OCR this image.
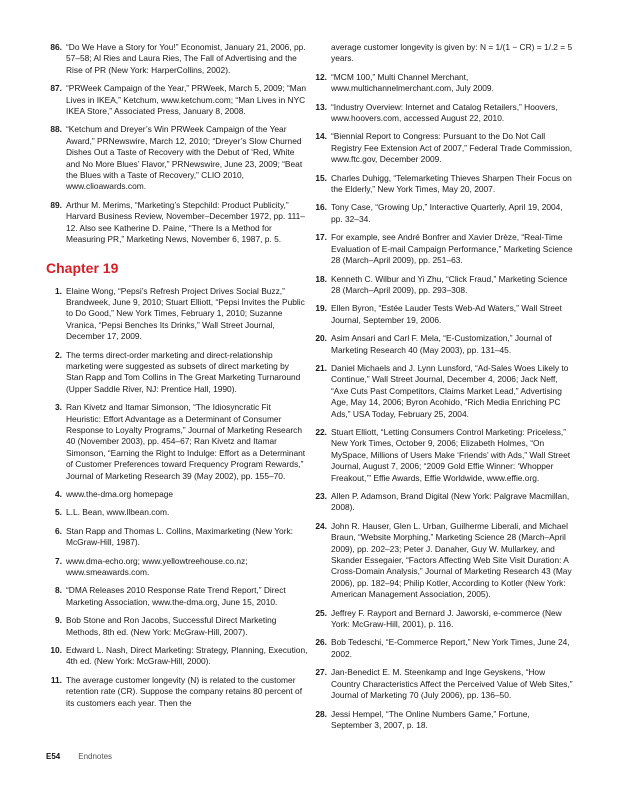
86. “Do We Have a Story for You!” Economist, January 21, 2006, pp. 57–58; Al Ries and Laura Ries, The Fall of Advertising and the Rise of PR (New York: HarperCollins, 2002).
87. “PRWeek Campaign of the Year,” PRWeek, March 5, 2009; “Man Lives in IKEA,” Ketchum, www.ketchum.com; “Man Lives in NYC IKEA Store,” Associated Press, January 8, 2008.
88. “Ketchum and Dreyer’s Win PRWeek Campaign of the Year Award,” PRNewswire, March 12, 2010; “Dreyer’s Slow Churned Dishes Out a Taste of Recovery with the Debut of ‘Red, White and No More Blues’ Flavor,” PRNewswire, June 23, 2009; “Beat the Blues with a Taste of Recovery,” CLIO 2010, www.clioawards.com.
89. Arthur M. Merims, “Marketing’s Stepchild: Product Publicity,” Harvard Business Review, November–December 1972, pp. 111–12. Also see Katherine D. Paine, “There Is a Method for Measuring PR,” Marketing News, November 6, 1987, p. 5.
Chapter 19
1. Elaine Wong, “Pepsi’s Refresh Project Drives Social Buzz,” Brandweek, June 9, 2010; Stuart Elliott, “Pepsi Invites the Public to Do Good,” New York Times, February 1, 2010; Suzanne Vranica, “Pepsi Benches Its Drinks,” Wall Street Journal, December 17, 2009.
2. The terms direct-order marketing and direct-relationship marketing were suggested as subsets of direct marketing by Stan Rapp and Tom Collins in The Great Marketing Turnaround (Upper Saddle River, NJ: Prentice Hall, 1990).
3. Ran Kivetz and Itamar Simonson, “The Idiosyncratic Fit Heuristic: Effort Advantage as a Determinant of Consumer Response to Loyalty Programs,” Journal of Marketing Research 40 (November 2003), pp. 454–67; Ran Kivetz and Itamar Simonson, “Earning the Right to Indulge: Effort as a Determinant of Customer Preferences toward Frequency Program Rewards,” Journal of Marketing Research 39 (May 2002), pp. 155–70.
4. www.the-dma.org homepage
5. L.L. Bean, www.llbean.com.
6. Stan Rapp and Thomas L. Collins, Maximarketing (New York: McGraw-Hill, 1987).
7. www.dma-echo.org; www.yellowtreehouse.co.nz; www.smeawards.com.
8. “DMA Releases 2010 Response Rate Trend Report,” Direct Marketing Association, www.the-dma.org, June 15, 2010.
9. Bob Stone and Ron Jacobs, Successful Direct Marketing Methods, 8th ed. (New York: McGraw-Hill, 2007).
10. Edward L. Nash, Direct Marketing: Strategy, Planning, Execution, 4th ed. (New York: McGraw-Hill, 2000).
11. The average customer longevity (N) is related to the customer retention rate (CR). Suppose the company retains 80 percent of its customers each year. Then the
average customer longevity is given by: N = 1/(1 − CR) = 1/.2 = 5 years.
12. “MCM 100,” Multi Channel Merchant, www.multichannelmerchant.com, July 2009.
13. “Industry Overview: Internet and Catalog Retailers,” Hoovers, www.hoovers.com, accessed August 22, 2010.
14. “Biennial Report to Congress: Pursuant to the Do Not Call Registry Fee Extension Act of 2007,” Federal Trade Commission, www.ftc.gov, December 2009.
15. Charles Duhigg, “Telemarketing Thieves Sharpen Their Focus on the Elderly,” New York Times, May 20, 2007.
16. Tony Case, “Growing Up,” Interactive Quarterly, April 19, 2004, pp. 32–34.
17. For example, see André Bonfrer and Xavier Drèze, “Real-Time Evaluation of E-mail Campaign Performance,” Marketing Science 28 (March–April 2009), pp. 251–63.
18. Kenneth C. Wilbur and Yi Zhu, “Click Fraud,” Marketing Science 28 (March–April 2009), pp. 293–308.
19. Ellen Byron, “Estée Lauder Tests Web-Ad Waters,” Wall Street Journal, September 19, 2006.
20. Asim Ansari and Carl F. Mela, “E-Customization,” Journal of Marketing Research 40 (May 2003), pp. 131–45.
21. Daniel Michaels and J. Lynn Lunsford, “Ad-Sales Woes Likely to Continue,” Wall Street Journal, December 4, 2006; Jack Neff, “Axe Cuts Past Competitors, Claims Market Lead,” Advertising Age, May 14, 2006; Byron Acohido, “Rich Media Enriching PC Ads,” USA Today, February 25, 2004.
22. Stuart Elliott, “Letting Consumers Control Marketing: Priceless,” New York Times, October 9, 2006; Elizabeth Holmes, “On MySpace, Millions of Users Make ‘Friends’ with Ads,” Wall Street Journal, August 7, 2006; “2009 Gold Effie Winner: ‘Whopper Freakout,’” Effie Awards, Effie Worldwide, www.effie.org.
23. Allen P. Adamson, Brand Digital (New York: Palgrave Macmillan, 2008).
24. John R. Hauser, Glen L. Urban, Guilherme Liberali, and Michael Braun, “Website Morphing,” Marketing Science 28 (March–April 2009), pp. 202–23; Peter J. Danaher, Guy W. Mullarkey, and Skander Essegaier, “Factors Affecting Web Site Visit Duration: A Cross-Domain Analysis,” Journal of Marketing Research 43 (May 2006), pp. 182–94; Philip Kotler, According to Kotler (New York: American Management Association, 2005).
25. Jeffrey F. Rayport and Bernard J. Jaworski, e-commerce (New York: McGraw-Hill, 2001), p. 116.
26. Bob Tedeschi, “E-Commerce Report,” New York Times, June 24, 2002.
27. Jan-Benedict E. M. Steenkamp and Inge Geyskens, “How Country Characteristics Affect the Perceived Value of Web Sites,” Journal of Marketing 70 (July 2006), pp. 136–50.
28. Jessi Hempel, “The Online Numbers Game,” Fortune, September 3, 2007, p. 18.
E54 Endnotes
